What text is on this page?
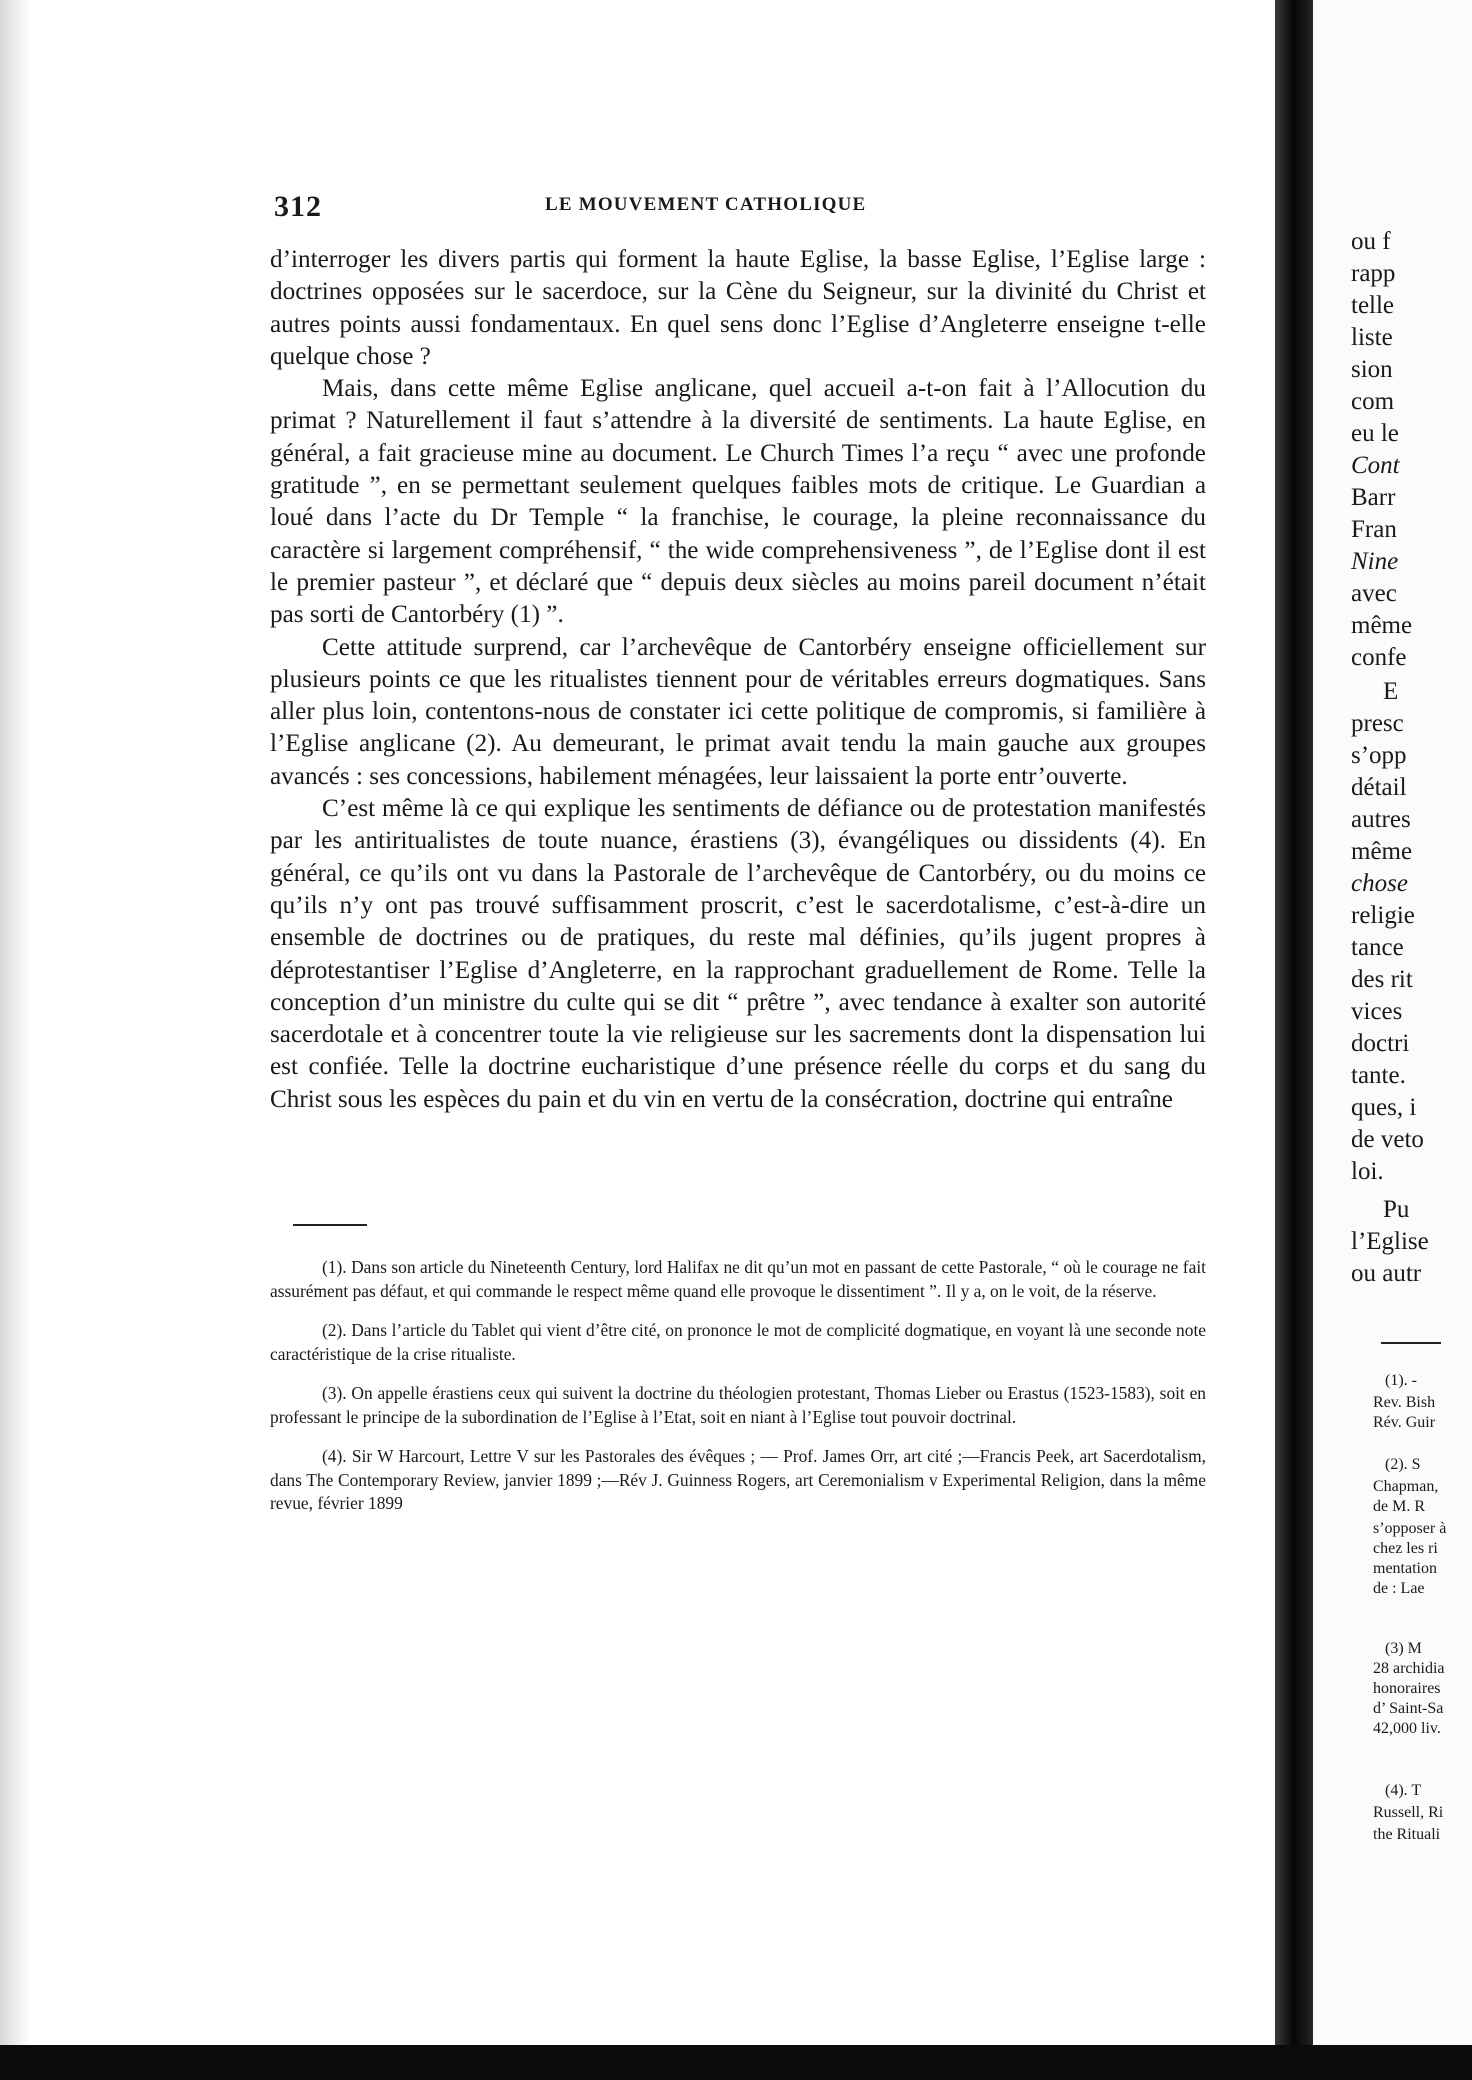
312	LE MOUVEMENT CATHOLIQUE

d’interroger les divers partis qui forment la haute Eglise, la basse Eglise, l’Eglise large : doctrines opposées sur le sacerdoce, sur la Cène du Seigneur, sur la divinité du Christ et autres points aussi fondamentaux. En quel sens donc l’Eglise d’Angleterre enseigne t-elle quelque chose ?

Mais, dans cette même Eglise anglicane, quel accueil a-t-on fait à l’Allocution du primat ? Naturellement il faut s’attendre à la diversité de sentiments. La haute Eglise, en général, a fait gracieuse mine au document. Le Church Times l’a reçu “ avec une profonde gratitude ”, en se permettant seulement quelques faibles mots de critique. Le Guardian a loué dans l’acte du Dr Temple “ la franchise, le courage, la pleine reconnaissance du caractère si largement compréhensif, “ the wide comprehensiveness ”, de l’Eglise dont il est le premier pasteur ”, et déclaré que “ depuis deux siècles au moins pareil document n’était pas sorti de Cantorbéry (1) ”.

Cette attitude surprend, car l’archevêque de Cantorbéry enseigne officiellement sur plusieurs points ce que les ritualistes tiennent pour de véritables erreurs dogmatiques. Sans aller plus loin, contentons-nous de constater ici cette politique de compromis, si familière à l’Eglise anglicane (2). Au demeurant, le primat avait tendu la main gauche aux groupes avancés : ses concessions, habilement ménagées, leur laissaient la porte entr’ouverte.

C’est même là ce qui explique les sentiments de défiance ou de protestation manifestés par les antiritualistes de toute nuance, érastiens (3), évangéliques ou dissidents (4). En général, ce qu’ils ont vu dans la Pastorale de l’archevêque de Cantorbéry, ou du moins ce qu’ils n’y ont pas trouvé suffisamment proscrit, c’est le sacerdotalisme, c’est-à-dire un ensemble de doctrines ou de pratiques, du reste mal définies, qu’ils jugent propres à déprotestantiser l’Eglise d’Angleterre, en la rapprochant graduellement de Rome. Telle la conception d’un ministre du culte qui se dit “ prêtre ”, avec tendance à exalter son autorité sacerdotale et à concentrer toute la vie religieuse sur les sacrements dont la dispensation lui est confiée. Telle la doctrine eucharistique d’une présence réelle du corps et du sang du Christ sous les espèces du pain et du vin en vertu de la consécration, doctrine qui entraîne

(1). Dans son article du Nineteenth Century, lord Halifax ne dit qu’un mot en passant de cette Pastorale, “ où le courage ne fait assurément pas défaut, et qui commande le respect même quand elle provoque le dissentiment ”. Il y a, on le voit, de la réserve.

(2). Dans l’article du Tablet qui vient d’être cité, on prononce le mot de complicité dogmatique, en voyant là une seconde note caractéristique de la crise ritualiste.

(3). On appelle érastiens ceux qui suivent la doctrine du théologien protestant, Thomas Lieber ou Erastus (1523-1583), soit en professant le principe de la subordination de l’Eglise à l’Etat, soit en niant à l’Eglise tout pouvoir doctrinal.

(4). Sir W Harcourt, Lettre V sur les Pastorales des évêques ; — Prof. James Orr, art cité ;—Francis Peek, art Sacerdotalism, dans The Contemporary Review, janvier 1899 ;—Rév J. Guinness Rogers, art Ceremonialism v Experimental Religion, dans la même revue, février 1899

ou f
rapp
telle
liste
sion
com
eu le
Cont
Barr
Fran
Nine
avec
même
confe
E
presc
s’opp
détail
autres
même
chose
religie
tance
des rit
vices
doctri
tante.
ques, i
de veto
loi.
Pu
l’Eglise
ou autr
(1). -
Rev. Bish
Rév. Guir
(2). S
Chapman,
de M. R
s’opposer à
chez les ri
mentation
de : Lae
(3) M
28 archidia
honoraires
d’ Saint-Sa
42,000 liv.
(4). T
Russell, Ri
the Rituali
